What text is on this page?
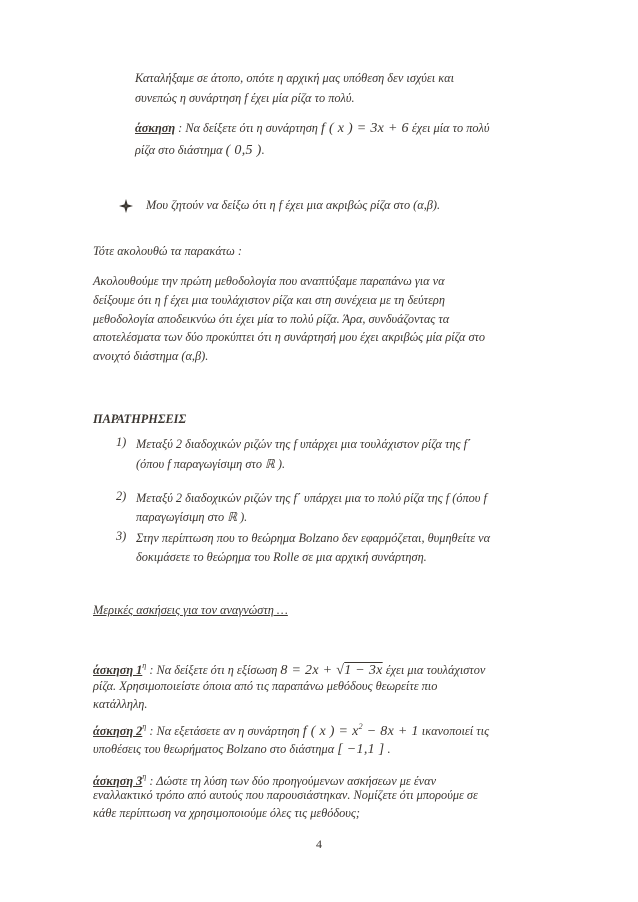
Καταλήξαμε σε άτοπο, οπότε η αρχική μας υπόθεση δεν ισχύει και

συνεπώς η συνάρτηση f έχει μία ρίζα το πολύ.

άσκηση : Να δείξετε ότι η συνάρτηση f ( x ) = 3x + 6 έχει μία το πολύ

ρίζα στο διάστημα ( 0,5 ).

Μου ζητούν να δείξω ότι η f έχει μια ακριβώς ρίζα στο (α,β).

Τότε ακολουθώ τα παρακάτω :

Ακολουθούμε την πρώτη μεθοδολογία που αναπτύξαμε παραπάνω για να

δείξουμε ότι η f έχει μια τουλάχιστον ρίζα και στη συνέχεια με τη δεύτερη

μεθοδολογία αποδεικνύω ότι έχει μία το πολύ ρίζα. Άρα, συνδυάζοντας τα

αποτελέσματα των δύο προκύπτει ότι η συνάρτησή μου έχει ακριβώς μία ρίζα στο

ανοιχτό διάστημα (α,β).

ΠΑΡΑΤΗΡΗΣΕΙΣ

1) Μεταξύ 2 διαδοχικών ριζών της f υπάρχει μια τουλάχιστον ρίζα της f΄

(όπου f παραγωγίσιμη στο ℝ ).

2) Μεταξύ 2 διαδοχικών ριζών της f΄ υπάρχει μια το πολύ ρίζα της f (όπου f

παραγωγίσιμη στο ℝ ).

3) Στην περίπτωση που το θεώρημα Bolzano δεν εφαρμόζεται, θυμηθείτε να

δοκιμάσετε το θεώρημα του Rolle σε μια αρχική συνάρτηση.

Μερικές ασκήσεις για τον αναγνώστη …

άσκηση $1^\eta$ : Να δείξετε ότι η εξίσωση 8 = 2x + √1 − 3x έχει μια τουλάχιστον

ρίζα. Χρησιμοποιείστε όποια από τις παραπάνω μεθόδους θεωρείτε πιο

κατάλληλη.

άσκηση $2^\eta$ : Να εξετάσετε αν η συνάρτηση f ( x ) = $x^2 - 8x + 1$ ικανοποιεί τις

υποθέσεις του θεωρήματος Bolzano στο διάστημα [ −1,1 ] .

άσκηση $3^\eta$ : Δώστε τη λύση των δύο προηγούμενων ασκήσεων με έναν

εναλλακτικό τρόπο από αυτούς που παρουσιάστηκαν. Νομίζετε ότι μπορούμε σε

κάθε περίπτωση να χρησιμοποιούμε όλες τις μεθόδους;

4
